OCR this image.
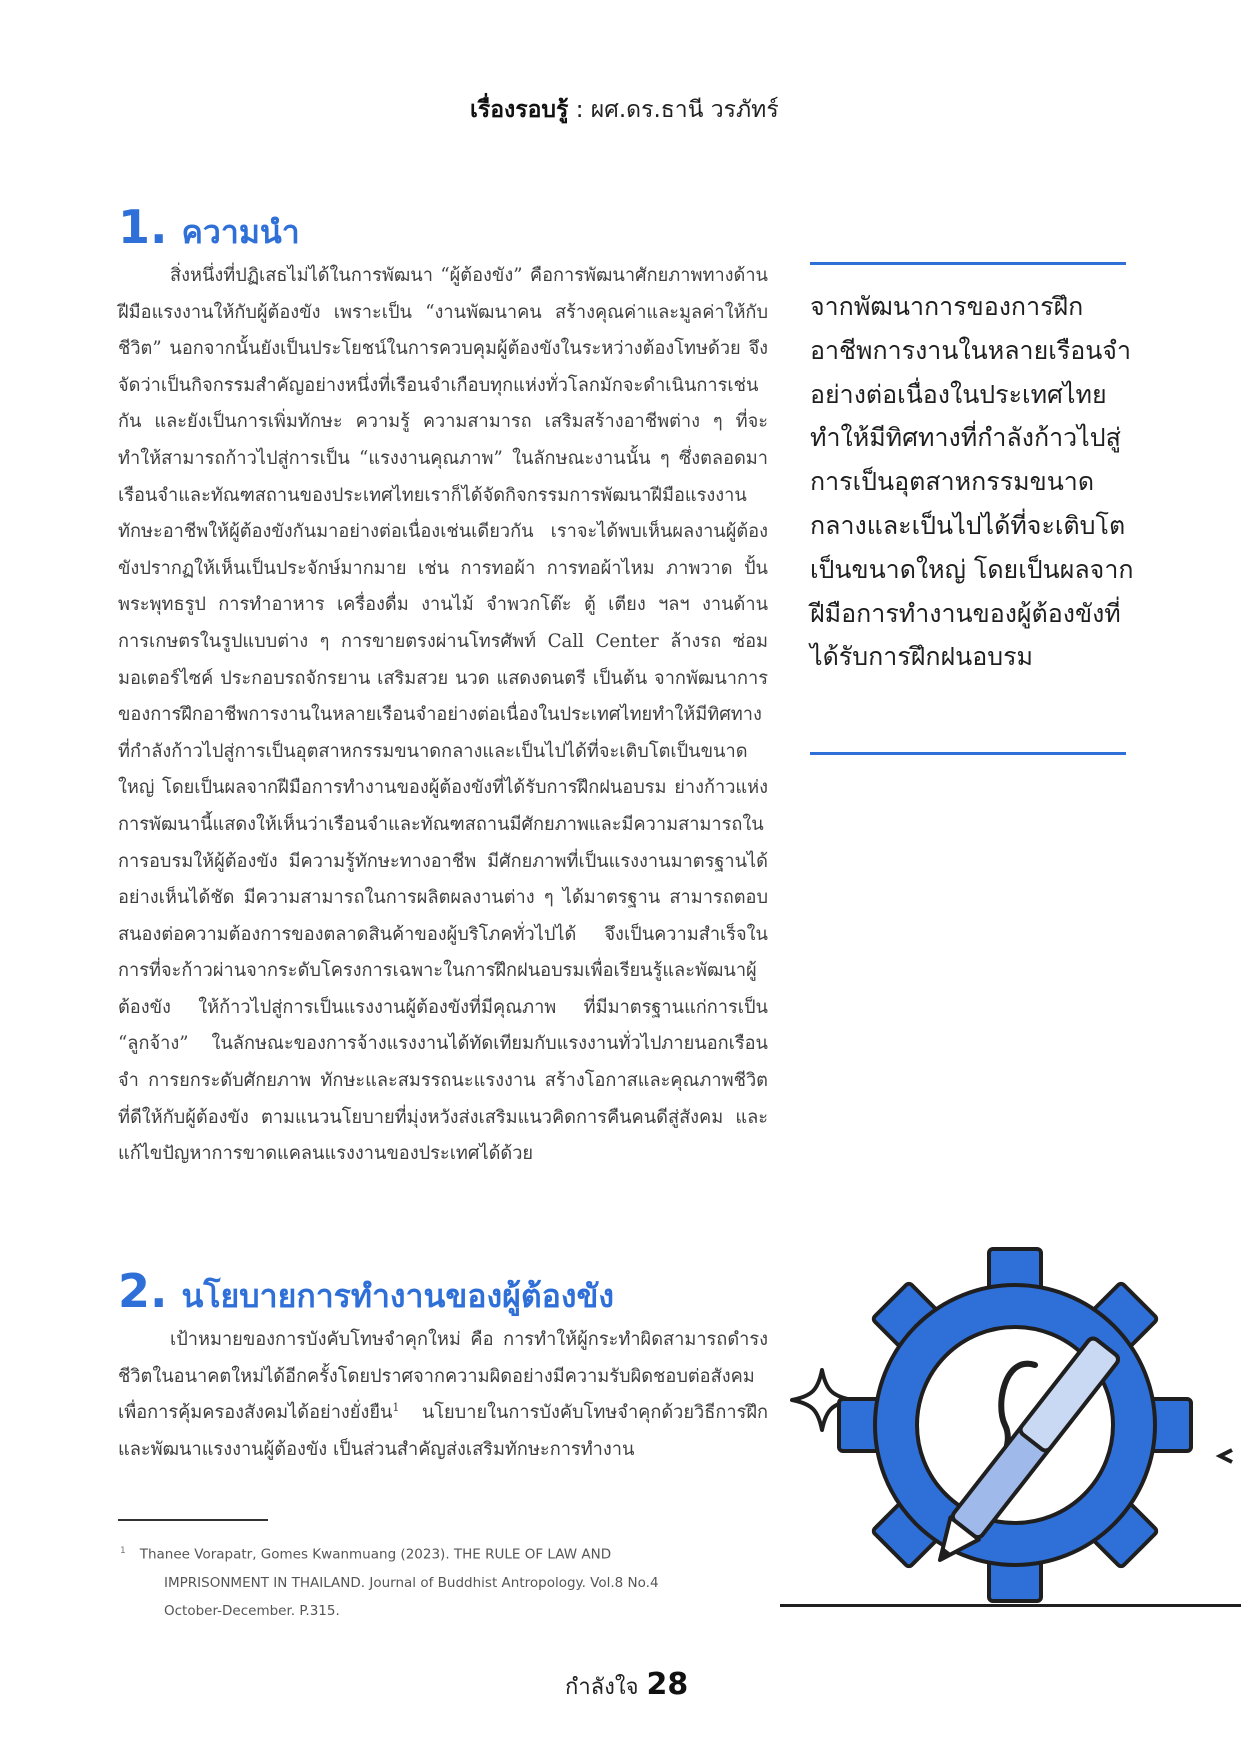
เรื่องรอบรู้ : ผศ.ดร.ธานี วรภัทร์
1. ความนำ

สิ่งหนึ่งที่ปฏิเสธไม่ได้ในการพัฒนา “ผู้ต้องขัง” คือการพัฒนาศักยภาพทางด้านฝีมือแรงงานให้กับผู้ต้องขัง เพราะเป็น “งานพัฒนาคน สร้างคุณค่าและมูลค่าให้กับชีวิต” นอกจากนั้นยังเป็นประโยชน์ในการควบคุมผู้ต้องขังในระหว่างต้องโทษด้วย จึงจัดว่าเป็นกิจกรรมสำคัญอย่างหนึ่งที่เรือนจำเกือบทุกแห่งทั่วโลกมักจะดำเนินการเช่นกัน และยังเป็นการเพิ่มทักษะ ความรู้ ความสามารถ เสริมสร้างอาชีพต่าง ๆ ที่จะทำให้สามารถก้าวไปสู่การเป็น “แรงงานคุณภาพ” ในลักษณะงานนั้น ๆ ซึ่งตลอดมาเรือนจำและทัณฑสถานของประเทศไทยเราก็ได้จัดกิจกรรมการพัฒนาฝีมือแรงงาน ทักษะอาชีพให้ผู้ต้องขังกันมาอย่างต่อเนื่องเช่นเดียวกัน เราจะได้พบเห็นผลงานผู้ต้องขังปรากฏให้เห็นเป็นประจักษ์มากมาย เช่น การทอผ้า การทอผ้าไหม ภาพวาด ปั้นพระพุทธรูป การทำอาหาร เครื่องดื่ม งานไม้ จำพวกโต๊ะ ตู้ เตียง ฯลฯ งานด้านการเกษตรในรูปแบบต่าง ๆ การขายตรงผ่านโทรศัพท์ Call Center ล้างรถ ซ่อมมอเตอร์ไซค์ ประกอบรถจักรยาน เสริมสวย นวด แสดงดนตรี เป็นต้น จากพัฒนาการของการฝึกอาชีพการงานในหลายเรือนจำอย่างต่อเนื่องในประเทศไทยทำให้มีทิศทางที่กำลังก้าวไปสู่การเป็นอุตสาหกรรมขนาดกลางและเป็นไปได้ที่จะเติบโตเป็นขนาดใหญ่ โดยเป็นผลจากฝีมือการทำงานของผู้ต้องขังที่ได้รับการฝึกฝนอบรม ย่างก้าวแห่งการพัฒนานี้แสดงให้เห็นว่าเรือนจำและทัณฑสถานมีศักยภาพและมีความสามารถในการอบรมให้ผู้ต้องขัง มีความรู้ทักษะทางอาชีพ มีศักยภาพที่เป็นแรงงานมาตรฐานได้อย่างเห็นได้ชัด มีความสามารถในการผลิตผลงานต่าง ๆ ได้มาตรฐาน สามารถตอบสนองต่อความต้องการของตลาดสินค้าของผู้บริโภคทั่วไปได้ จึงเป็นความสำเร็จในการที่จะก้าวผ่านจากระดับโครงการเฉพาะในการฝึกฝนอบรมเพื่อเรียนรู้และพัฒนาผู้ต้องขัง ให้ก้าวไปสู่การเป็นแรงงานผู้ต้องขังที่มีคุณภาพ ที่มีมาตรฐานแก่การเป็น “ลูกจ้าง” ในลักษณะของการจ้างแรงงานได้ทัดเทียมกับแรงงานทั่วไปภายนอกเรือนจำ การยกระดับศักยภาพ ทักษะและสมรรถนะแรงงาน สร้างโอกาสและคุณภาพชีวิตที่ดีให้กับผู้ต้องขัง ตามแนวนโยบายที่มุ่งหวังส่งเสริมแนวคิดการคืนคนดีสู่สังคม และแก้ไขปัญหาการขาดแคลนแรงงานของประเทศได้ด้วย

จากพัฒนาการของการฝึกอาชีพการงานในหลายเรือนจำอย่างต่อเนื่องในประเทศไทยทำให้มีทิศทางที่กำลังก้าวไปสู่การเป็นอุตสาหกรรมขนาดกลางและเป็นไปได้ที่จะเติบโตเป็นขนาดใหญ่ โดยเป็นผลจากฝีมือการทำงานของผู้ต้องขังที่ได้รับการฝึกฝนอบรม
2. นโยบายการทำงานของผู้ต้องขัง

เป้าหมายของการบังคับโทษจำคุกใหม่ คือ การทำให้ผู้กระทำผิดสามารถดำรงชีวิตในอนาคตใหม่ได้อีกครั้งโดยปราศจากความผิดอย่างมีความรับผิดชอบต่อสังคม เพื่อการคุ้มครองสังคมได้อย่างยั่งยืน$^1$ นโยบายในการบังคับโทษจำคุกด้วยวิธีการฝึกและพัฒนาแรงงานผู้ต้องขัง เป็นส่วนสำคัญส่งเสริมทักษะการทำงาน

$^1$ Thanee Vorapatr, Gomes Kwanmuang (2023). THE RULE OF LAW AND
IMPRISONMENT IN THAILAND. Journal of Buddhist Antropology. Vol.8 No.4
October-December. P.315.
กำลังใจ 28
